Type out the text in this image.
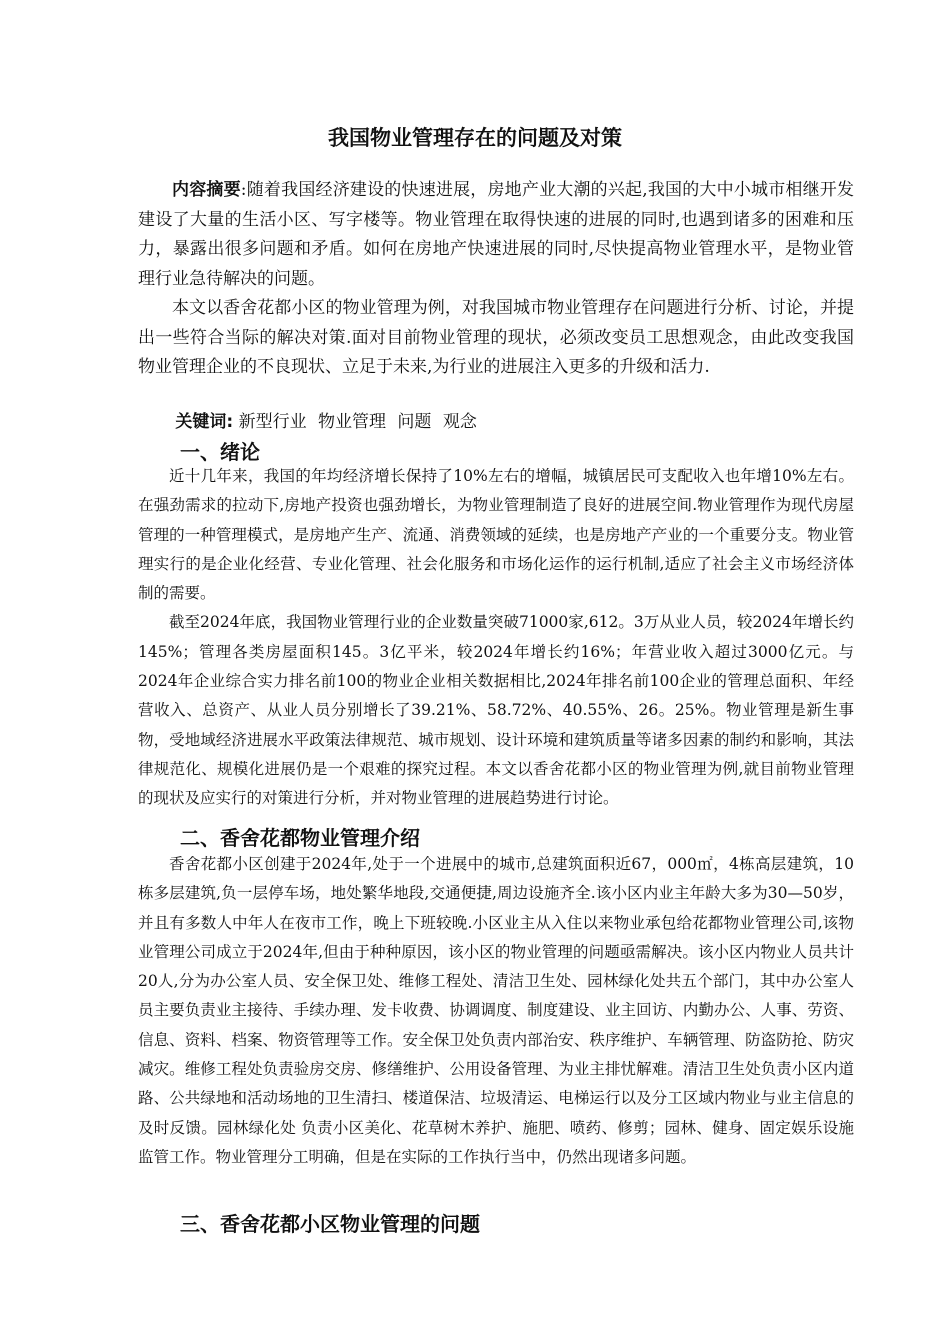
我国物业管理存在的问题及对策

内容摘要:随着我国经济建设的快速进展，房地产业大潮的兴起,我国的大中小城市相继开发建设了大量的生活小区、写字楼等。物业管理在取得快速的进展的同时,也遇到诸多的困难和压力，暴露出很多问题和矛盾。如何在房地产快速进展的同时,尽快提高物业管理水平，是物业管理行业急待解决的问题。

本文以香舍花都小区的物业管理为例，对我国城市物业管理存在问题进行分析、讨论，并提出一些符合当际的解决对策.面对目前物业管理的现状，必须改变员工思想观念，由此改变我国物业管理企业的不良现状、立足于未来,为行业的进展注入更多的升级和活力.

关键词: 新型行业 物业管理 问题 观念

一、绪论

近十几年来，我国的年均经济增长保持了10%左右的增幅，城镇居民可支配收入也年增10%左右。在强劲需求的拉动下,房地产投资也强劲增长，为物业管理制造了良好的进展空间.物业管理作为现代房屋管理的一种管理模式，是房地产生产、流通、消费领域的延续，也是房地产产业的一个重要分支。物业管理实行的是企业化经营、专业化管理、社会化服务和市场化运作的运行机制,适应了社会主义市场经济体制的需要。

截至2024年底，我国物业管理行业的企业数量突破71000家,612。3万从业人员，较2024年增长约145%；管理各类房屋面积145。3亿平米，较2024年增长约16%；年营业收入超过3000亿元。与2024年企业综合实力排名前100的物业企业相关数据相比,2024年排名前100企业的管理总面积、年经营收入、总资产、从业人员分别增长了39.21%、58.72%、40.55%、26。25%。物业管理是新生事物，受地域经济进展水平政策法律规范、城市规划、设计环境和建筑质量等诸多因素的制约和影响，其法律规范化、规模化进展仍是一个艰难的探究过程。本文以香舍花都小区的物业管理为例,就目前物业管理的现状及应实行的对策进行分析，并对物业管理的进展趋势进行讨论。

二、香舍花都物业管理介绍

香舍花都小区创建于2024年,处于一个进展中的城市,总建筑面积近67，000㎡，4栋高层建筑，10栋多层建筑,负一层停车场，地处繁华地段,交通便捷,周边设施齐全.该小区内业主年龄大多为30—50岁，并且有多数人中年人在夜市工作，晚上下班较晚.小区业主从入住以来物业承包给花都物业管理公司,该物业管理公司成立于2024年,但由于种种原因，该小区的物业管理的问题亟需解决。该小区内物业人员共计20人,分为办公室人员、安全保卫处、维修工程处、清洁卫生处、园林绿化处共五个部门，其中办公室人员主要负责业主接待、手续办理、发卡收费、协调调度、制度建设、业主回访、内勤办公、人事、劳资、信息、资料、档案、物资管理等工作。安全保卫处负责内部治安、秩序维护、车辆管理、防盗防抢、防灾减灾。维修工程处负责验房交房、修缮维护、公用设备管理、为业主排忧解难。清洁卫生处负责小区内道路、公共绿地和活动场地的卫生清扫、楼道保洁、垃圾清运、电梯运行以及分工区域内物业与业主信息的及时反馈。园林绿化处 负责小区美化、花草树木养护、施肥、喷药、修剪；园林、健身、固定娱乐设施监管工作。物业管理分工明确，但是在实际的工作执行当中，仍然出现诸多问题。

三、香舍花都小区物业管理的问题
